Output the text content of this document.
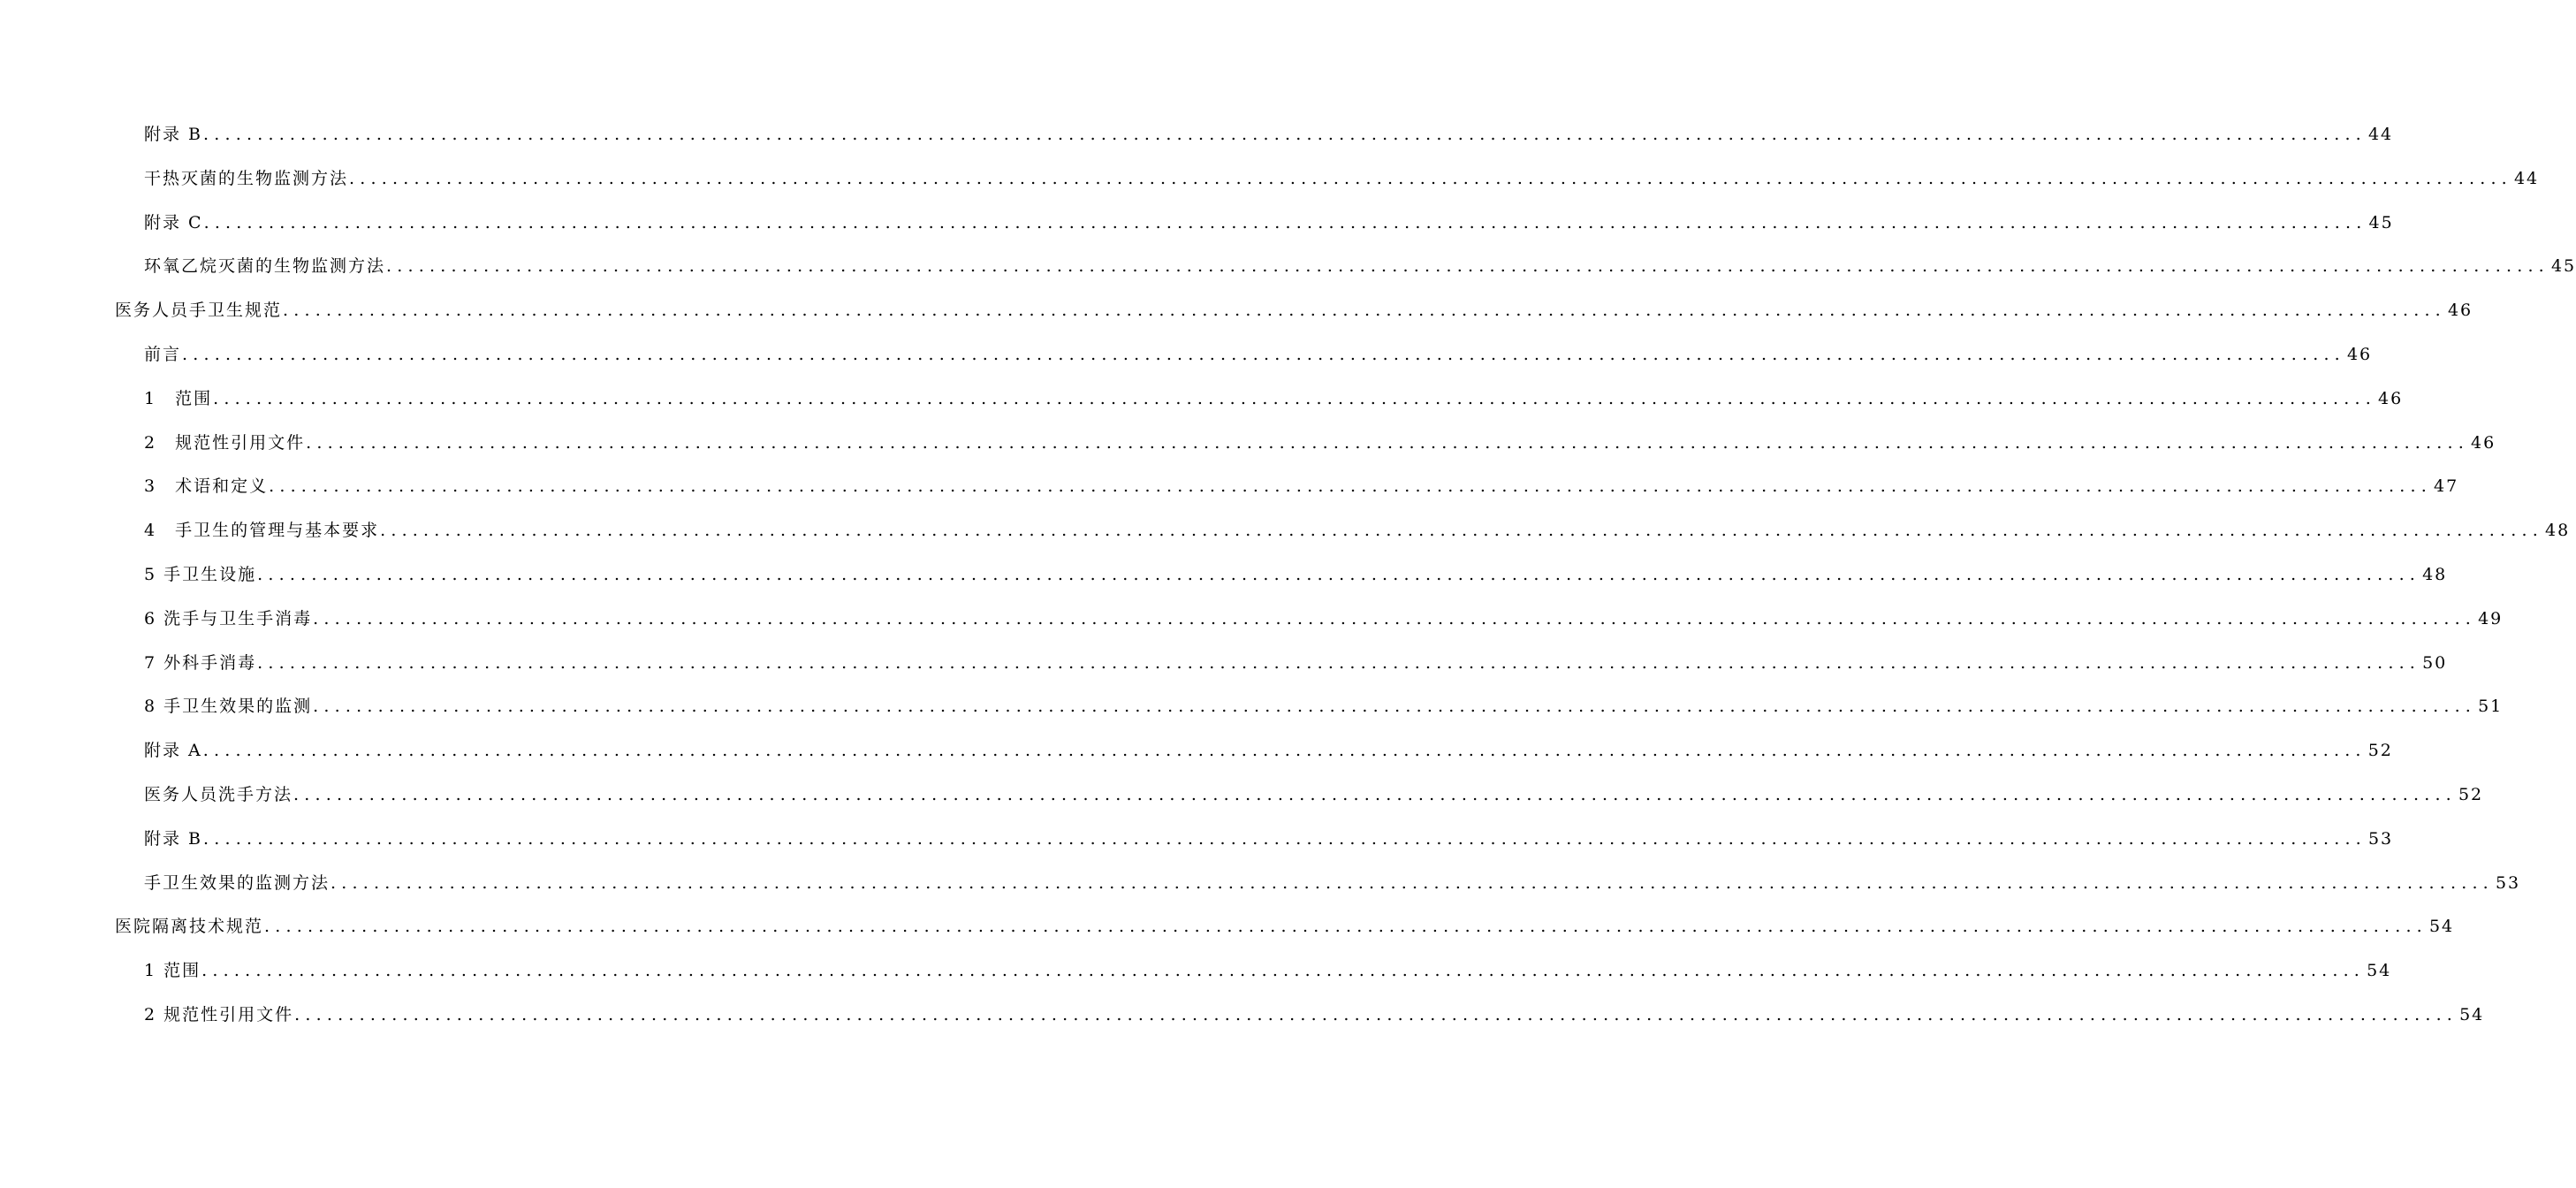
附录 B ........................................................................................................................................................................................................ 44
干热灭菌的生物监测方法 ........................................................................................................................................................................................................ 44
附录 C ........................................................................................................................................................................................................ 45
环氧乙烷灭菌的生物监测方法 ........................................................................................................................................................................................................ 45
医务人员手卫生规范 ........................................................................................................................................................................................................ 46
前言 ........................................................................................................................................................................................................ 46
1　范围 ........................................................................................................................................................................................................ 46
2　规范性引用文件 ........................................................................................................................................................................................................ 46
3　术语和定义 ........................................................................................................................................................................................................ 47
4　手卫生的管理与基本要求 ........................................................................................................................................................................................................ 48
5 手卫生设施 ........................................................................................................................................................................................................ 48
6 洗手与卫生手消毒 ........................................................................................................................................................................................................ 49
7 外科手消毒 ........................................................................................................................................................................................................ 50
8 手卫生效果的监测 ........................................................................................................................................................................................................ 51
附录 A ........................................................................................................................................................................................................ 52
医务人员洗手方法 ........................................................................................................................................................................................................ 52
附录 B ........................................................................................................................................................................................................ 53
手卫生效果的监测方法 ........................................................................................................................................................................................................ 53
医院隔离技术规范 ........................................................................................................................................................................................................ 54
1 范围 ........................................................................................................................................................................................................ 54
2 规范性引用文件 ........................................................................................................................................................................................................ 54
